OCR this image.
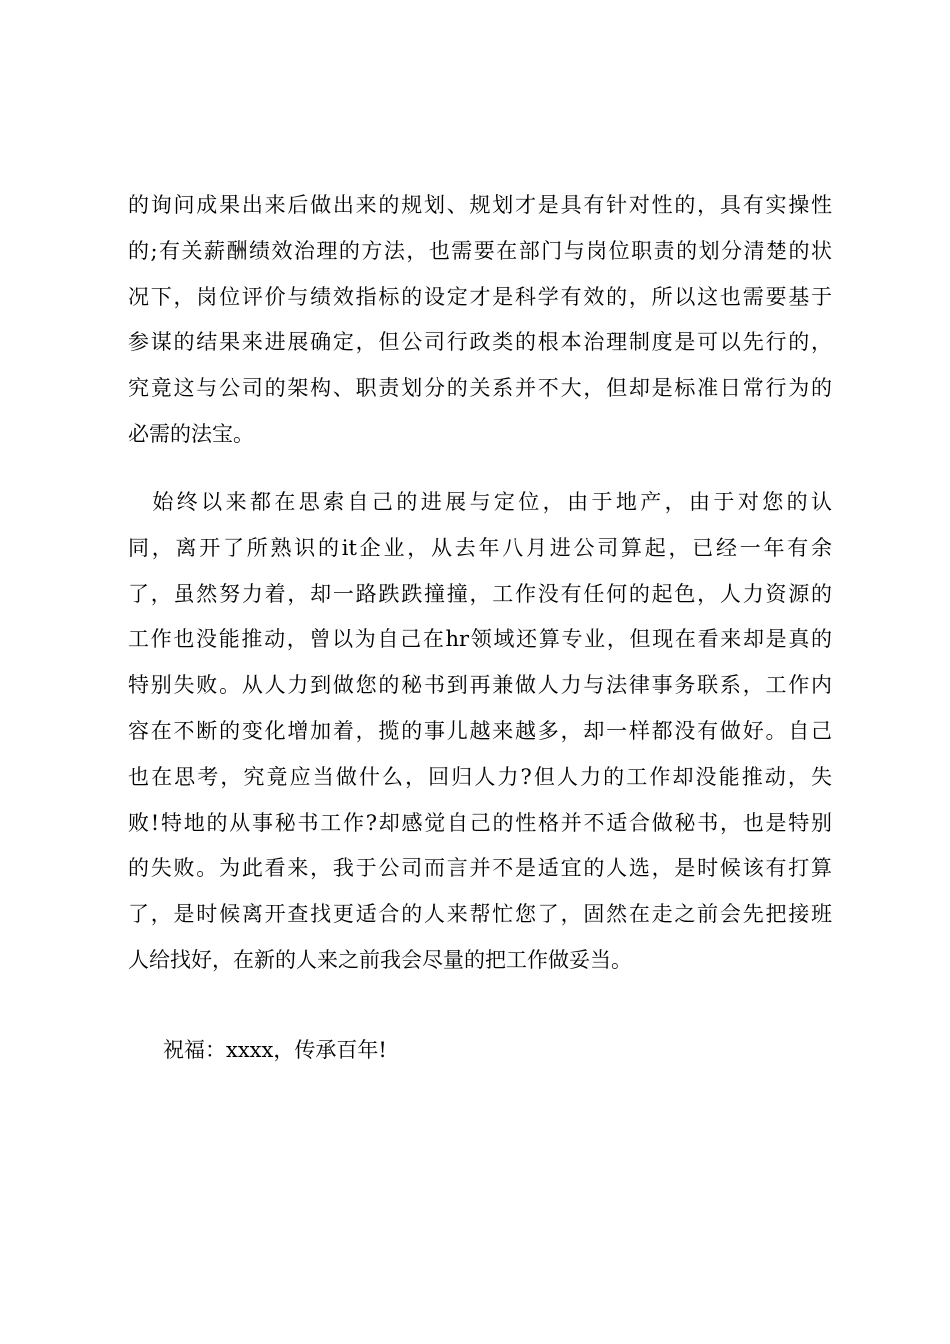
的询问成果出来后做出来的规划、规划才是具有针对性的，具有实操性
的;有关薪酬绩效治理的方法，也需要在部门与岗位职责的划分清楚的状
况下，岗位评价与绩效指标的设定才是科学有效的，所以这也需要基于
参谋的结果来进展确定，但公司行政类的根本治理制度是可以先行的，
究竟这与公司的架构、职责划分的关系并不大，但却是标准日常行为的
必需的法宝。
　始终以来都在思索自己的进展与定位，由于地产，由于对您的认
同，离开了所熟识的it企业，从去年八月进公司算起，已经一年有余
了，虽然努力着，却一路跌跌撞撞，工作没有任何的起色，人力资源的
工作也没能推动，曾以为自己在hr领域还算专业，但现在看来却是真的
特别失败。从人力到做您的秘书到再兼做人力与法律事务联系，工作内
容在不断的变化增加着，揽的事儿越来越多，却一样都没有做好。自己
也在思考，究竟应当做什么，回归人力?但人力的工作却没能推动，失
败!特地的从事秘书工作?却感觉自己的性格并不适合做秘书，也是特别
的失败。为此看来，我于公司而言并不是适宜的人选，是时候该有打算
了，是时候离开查找更适合的人来帮忙您了，固然在走之前会先把接班
人给找好，在新的人来之前我会尽量的把工作做妥当。
祝福：xxxx，传承百年!
